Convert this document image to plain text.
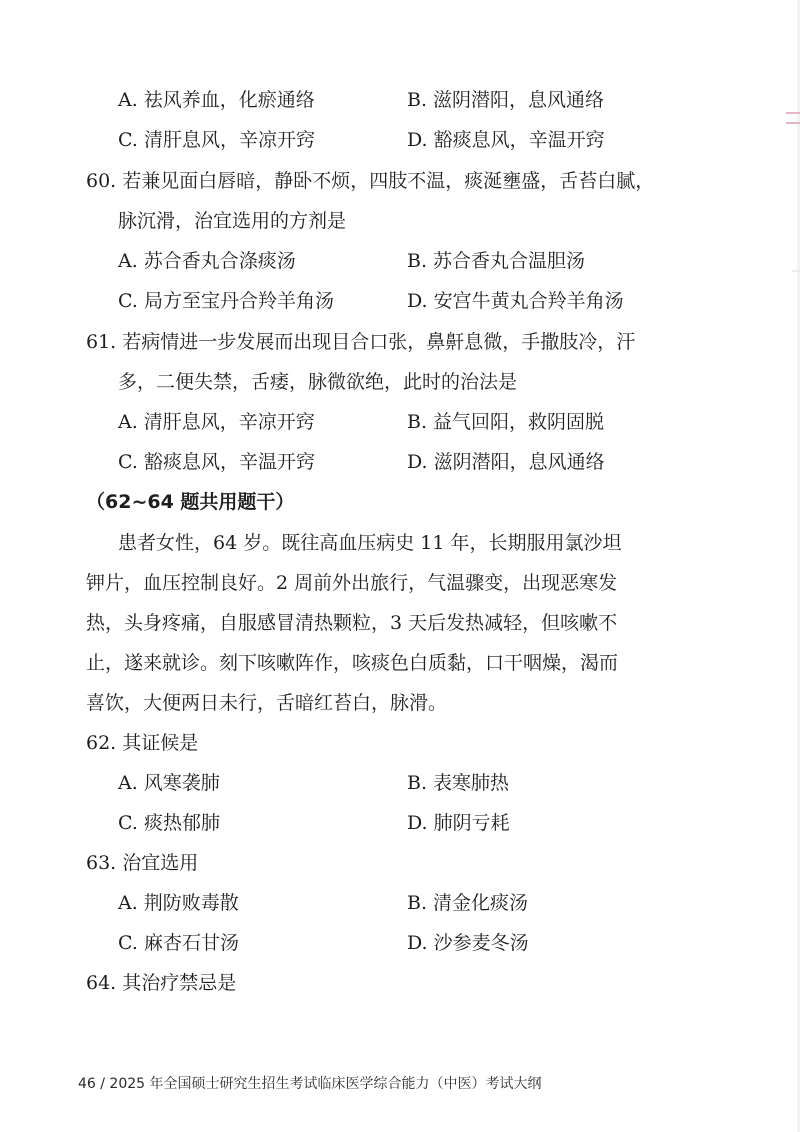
A. 祛风养血，化瘀通络	B. 滋阴潜阳，息风通络
C. 清肝息风，辛凉开窍	D. 豁痰息风，辛温开窍
60. 若兼见面白唇暗，静卧不烦，四肢不温，痰涎壅盛，舌苔白腻，
脉沉滑，治宜选用的方剂是
A. 苏合香丸合涤痰汤	B. 苏合香丸合温胆汤
C. 局方至宝丹合羚羊角汤	D. 安宫牛黄丸合羚羊角汤
61. 若病情进一步发展而出现目合口张，鼻鼾息微，手撒肢冷，汗
多，二便失禁，舌痿，脉微欲绝，此时的治法是
A. 清肝息风，辛凉开窍	B. 益气回阳，救阴固脱
C. 豁痰息风，辛温开窍	D. 滋阴潜阳，息风通络
（62~64 题共用题干）
患者女性，64 岁。既往高血压病史 11 年，长期服用氯沙坦
钾片，血压控制良好。2 周前外出旅行，气温骤变，出现恶寒发
热，头身疼痛，自服感冒清热颗粒，3 天后发热减轻，但咳嗽不
止，遂来就诊。刻下咳嗽阵作，咳痰色白质黏，口干咽燥，渴而
喜饮，大便两日未行，舌暗红苔白，脉滑。
62. 其证候是
A. 风寒袭肺	B. 表寒肺热
C. 痰热郁肺	D. 肺阴亏耗
63. 治宜选用
A. 荆防败毒散	B. 清金化痰汤
C. 麻杏石甘汤	D. 沙参麦冬汤
64. 其治疗禁忌是
46 / 2025 年全国硕士研究生招生考试临床医学综合能力（中医）考试大纲
